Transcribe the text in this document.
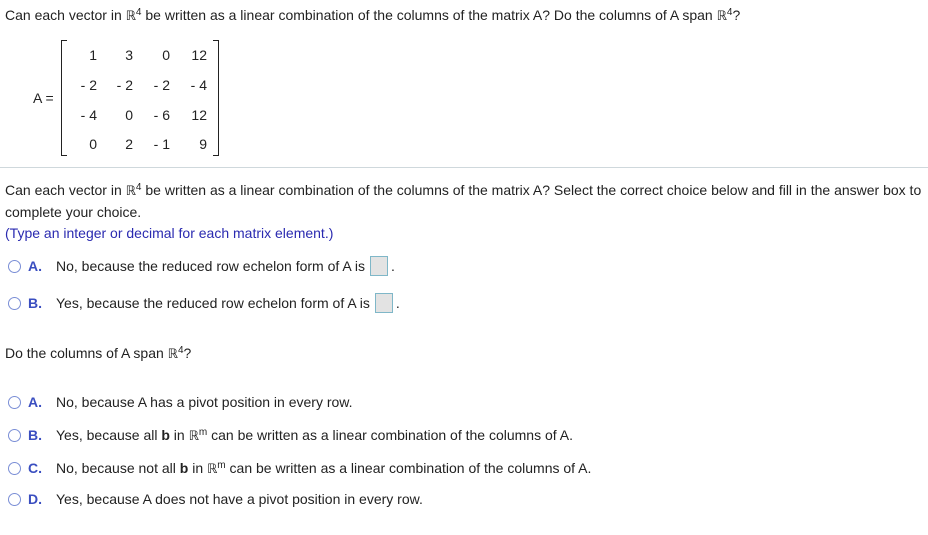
Can each vector in ℝ$^4$ be written as a linear combination of the columns of the matrix A? Do the columns of A span ℝ$^4$?
A =
1	3	0	12
- 2	- 2	- 2	- 4
- 4	0	- 6	12
0	2	- 1	9
Can each vector in ℝ$^4$ be written as a linear combination of the columns of the matrix A? Select the correct choice below and fill in the answer box to complete your choice.
(Type an integer or decimal for each matrix element.)
A.	No, because the reduced row echelon form of A is .
B.	Yes, because the reduced row echelon form of A is .
Do the columns of A span ℝ$^4$?
A.	No, because A has a pivot position in every row.
B.	Yes, because all b in ℝ$^m$ can be written as a linear combination of the columns of A.
C.	No, because not all b in ℝ$^m$ can be written as a linear combination of the columns of A.
D.	Yes, because A does not have a pivot position in every row.
